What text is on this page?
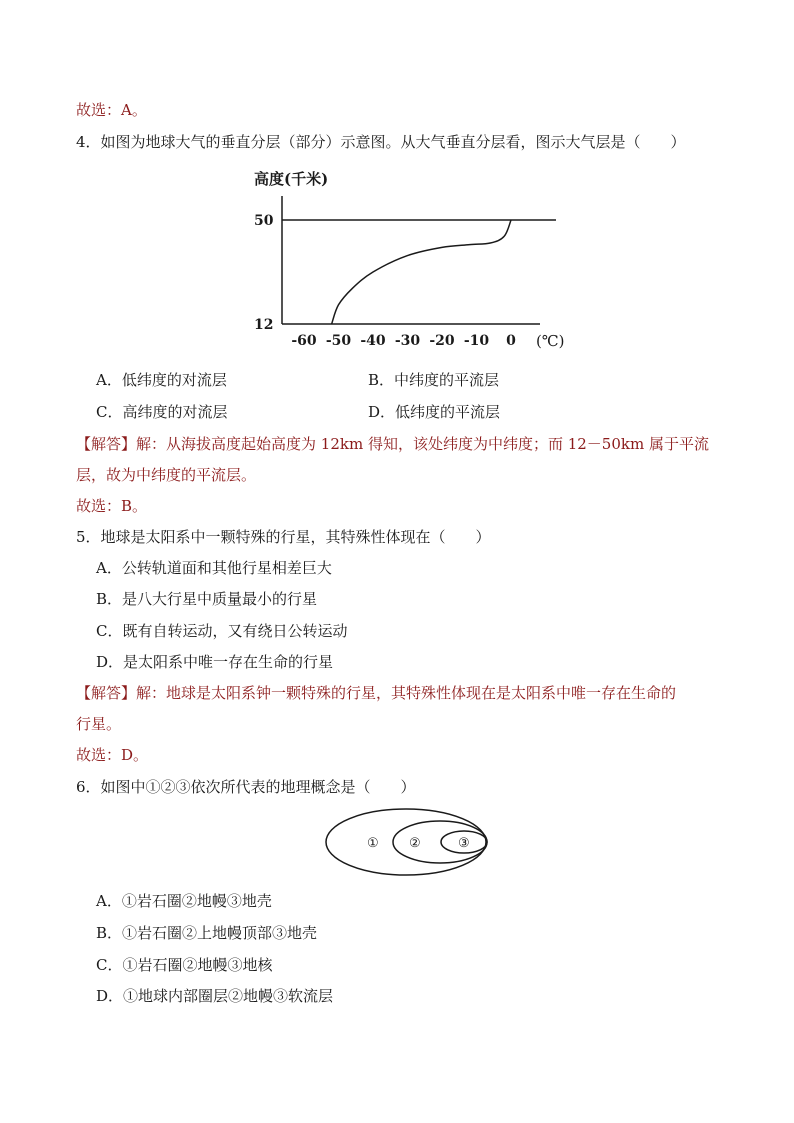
故选：A。
4．如图为地球大气的垂直分层（部分）示意图。从大气垂直分层看，图示大气层是（　　）
高度(千米)
12
50
-60 -50 -40 -30 -20 -10 0 (℃)
A．低纬度的对流层	B．中纬度的平流层
C．高纬度的对流层	D．低纬度的平流层
【解答】解：从海拔高度起始高度为 12km 得知，该处纬度为中纬度；而 12－50km 属于平流
层，故为中纬度的平流层。
故选：B。
5．地球是太阳系中一颗特殊的行星，其特殊性体现在（　　）
A．公转轨道面和其他行星相差巨大
B．是八大行星中质量最小的行星
C．既有自转运动，又有绕日公转运动
D．是太阳系中唯一存在生命的行星
【解答】解：地球是太阳系钟一颗特殊的行星，其特殊性体现在是太阳系中唯一存在生命的
行星。
故选：D。
6．如图中①②③依次所代表的地理概念是（　　）
① ②	③
A．①岩石圈②地幔③地壳
B．①岩石圈②上地幔顶部③地壳
C．①岩石圈②地幔③地核
D．①地球内部圈层②地幔③软流层
